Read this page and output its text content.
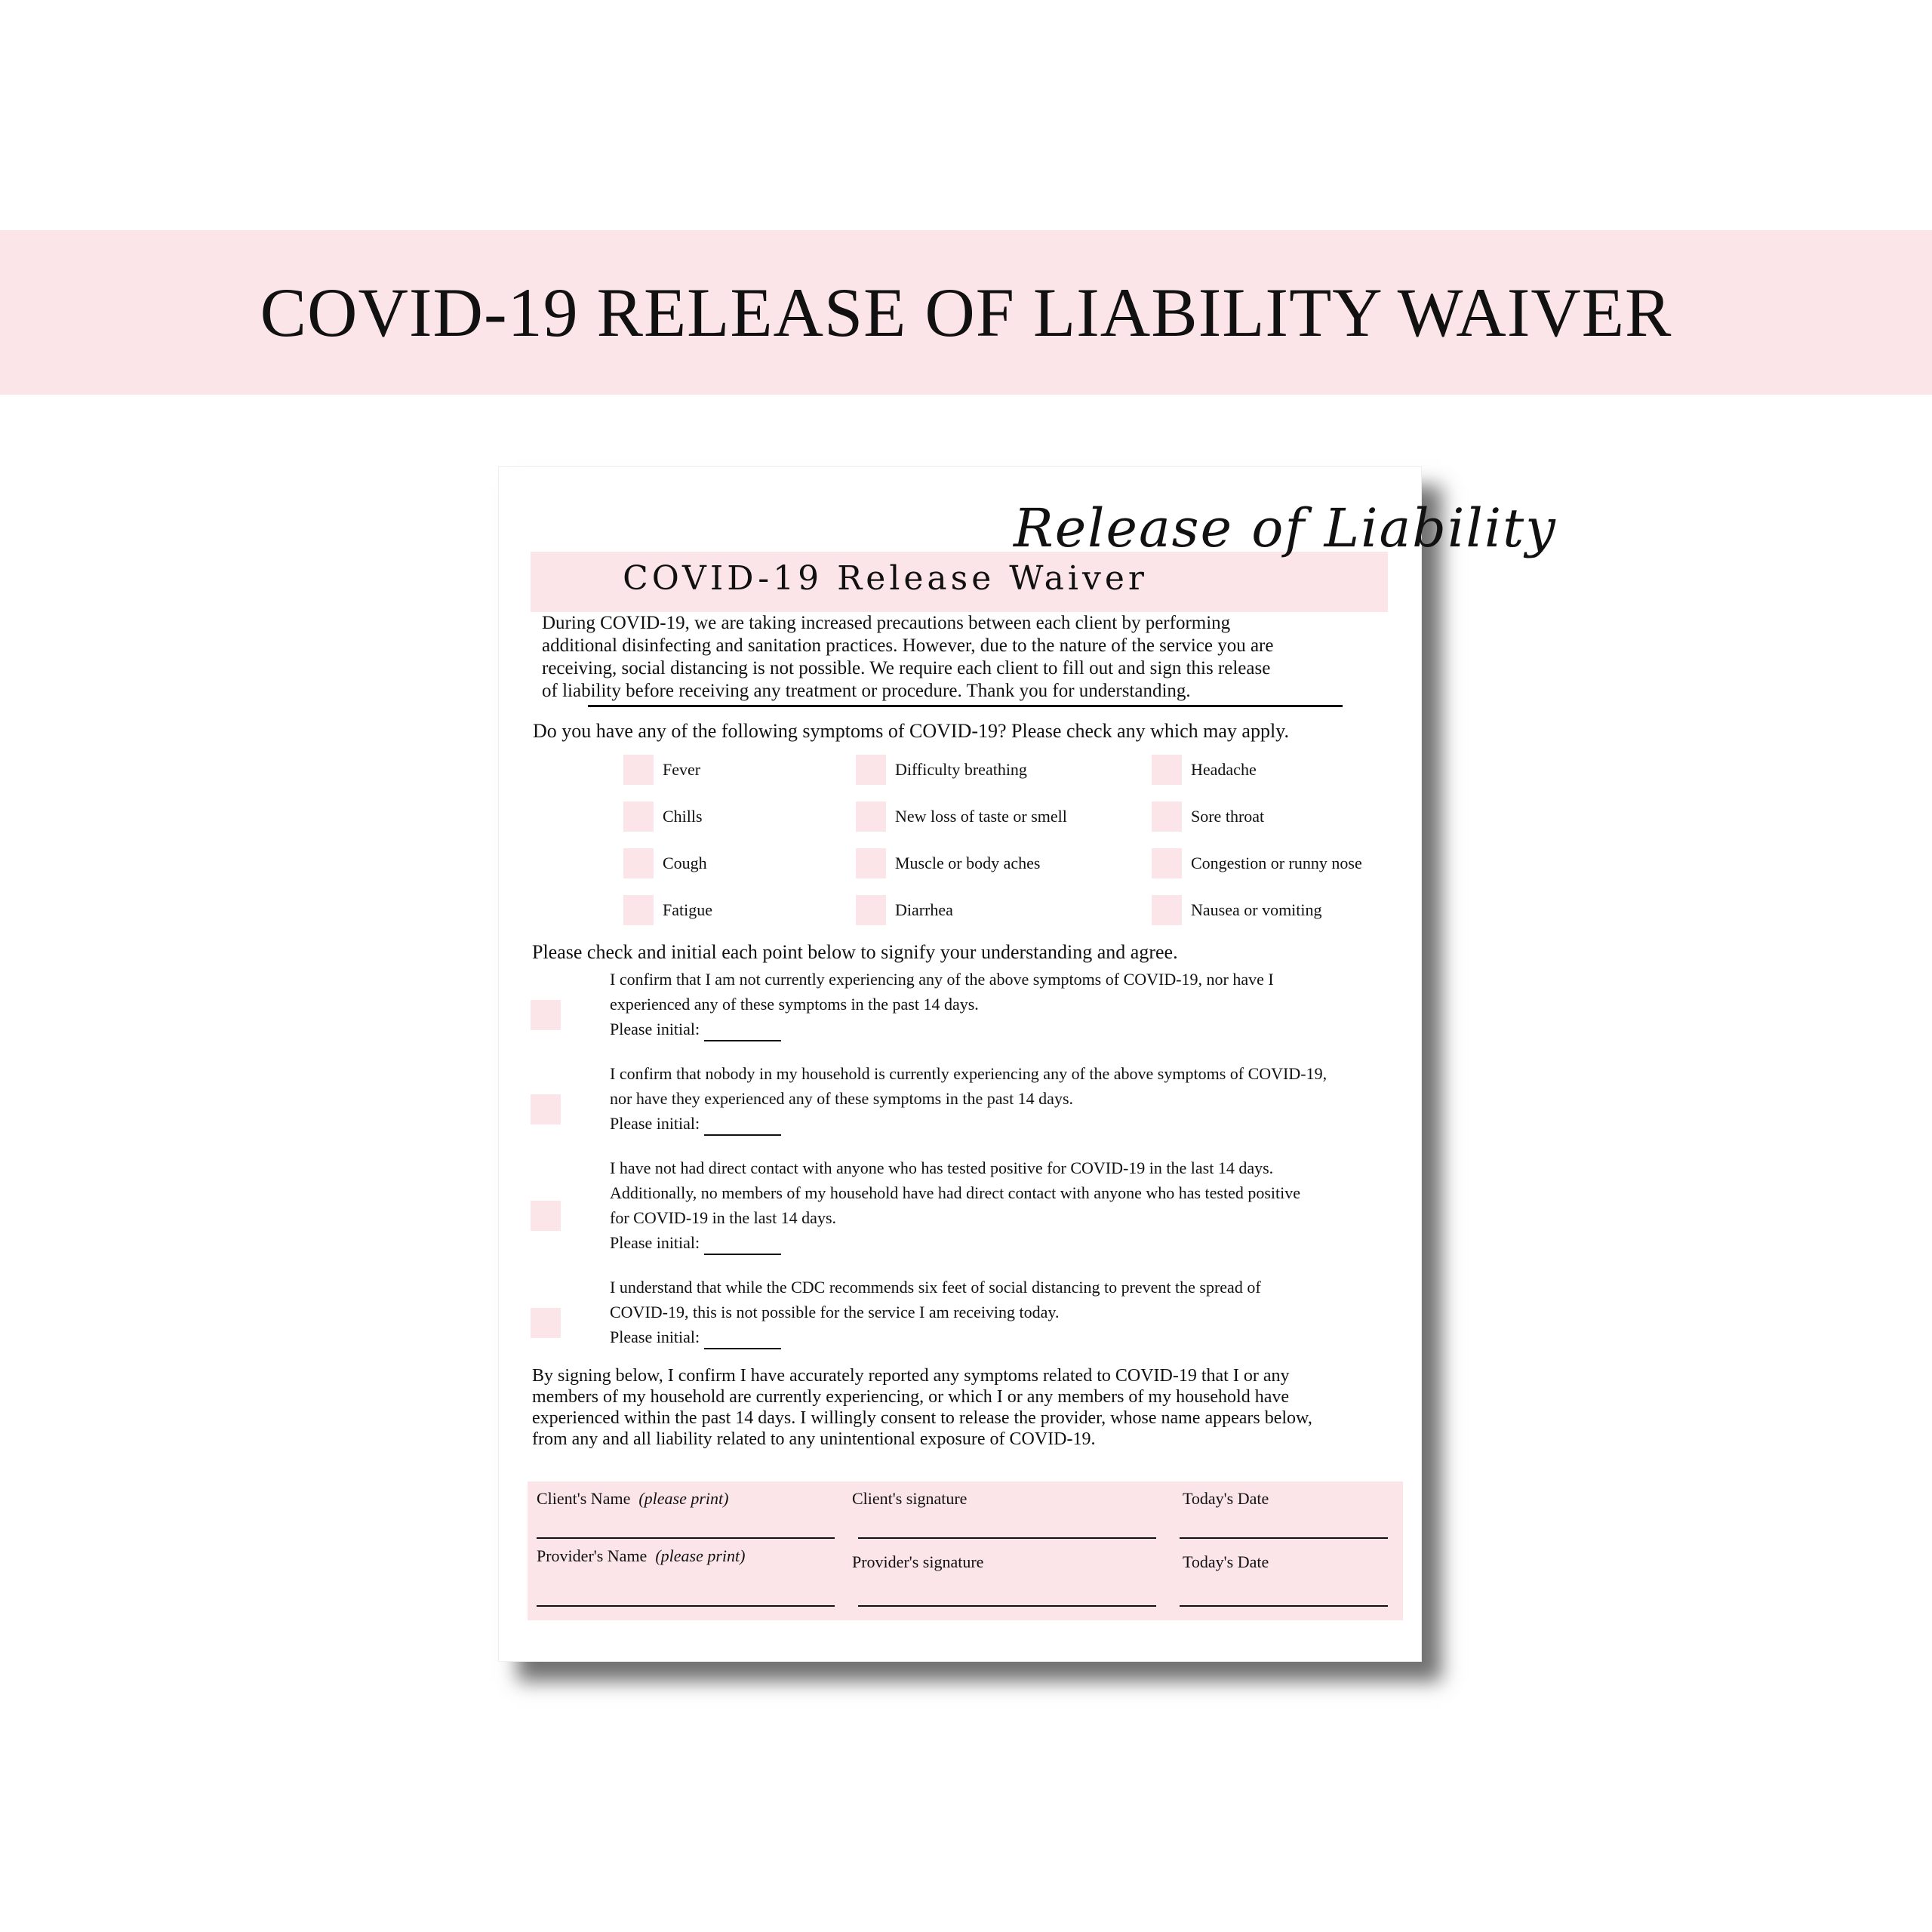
COVID-19 RELEASE OF LIABILITY WAIVER
COVID-19 Release Waiver
Release of Liability
During COVID-19, we are taking increased precautions between each client by performing
additional disinfecting and sanitation practices. However, due to the nature of the service you are
receiving, social distancing is not possible. We require each client to fill out and sign this release
of liability before receiving any treatment or procedure. Thank you for understanding.
Do you have any of the following symptoms of COVID-19? Please check any which may apply.
Fever	Difficulty breathing	Headache
Chills	New loss of taste or smell	Sore throat
Cough	Muscle or body aches	Congestion or runny nose
Fatigue	Diarrhea	Nausea or vomiting
Please check and initial each point below to signify your understanding and agree.
I confirm that I am not currently experiencing any of the above symptoms of COVID-19, nor have I
experienced any of these symptoms in the past 14 days.
Please initial:
I confirm that nobody in my household is currently experiencing any of the above symptoms of COVID-19,
nor have they experienced any of these symptoms in the past 14 days.
Please initial:
I have not had direct contact with anyone who has tested positive for COVID-19 in the last 14 days.
Additionally, no members of my household have had direct contact with anyone who has tested positive
for COVID-19 in the last 14 days.
Please initial:
I understand that while the CDC recommends six feet of social distancing to prevent the spread of
COVID-19, this is not possible for the service I am receiving today.
Please initial:
By signing below, I confirm I have accurately reported any symptoms related to COVID-19 that I or any
members of my household are currently experiencing, or which I or any members of my household have
experienced within the past 14 days. I willingly consent to release the provider, whose name appears below,
from any and all liability related to any unintentional exposure of COVID-19.
Client's Name (please print)	Client's signature	Today's Date
Provider's Name (please print)	Provider's signature	Today's Date
